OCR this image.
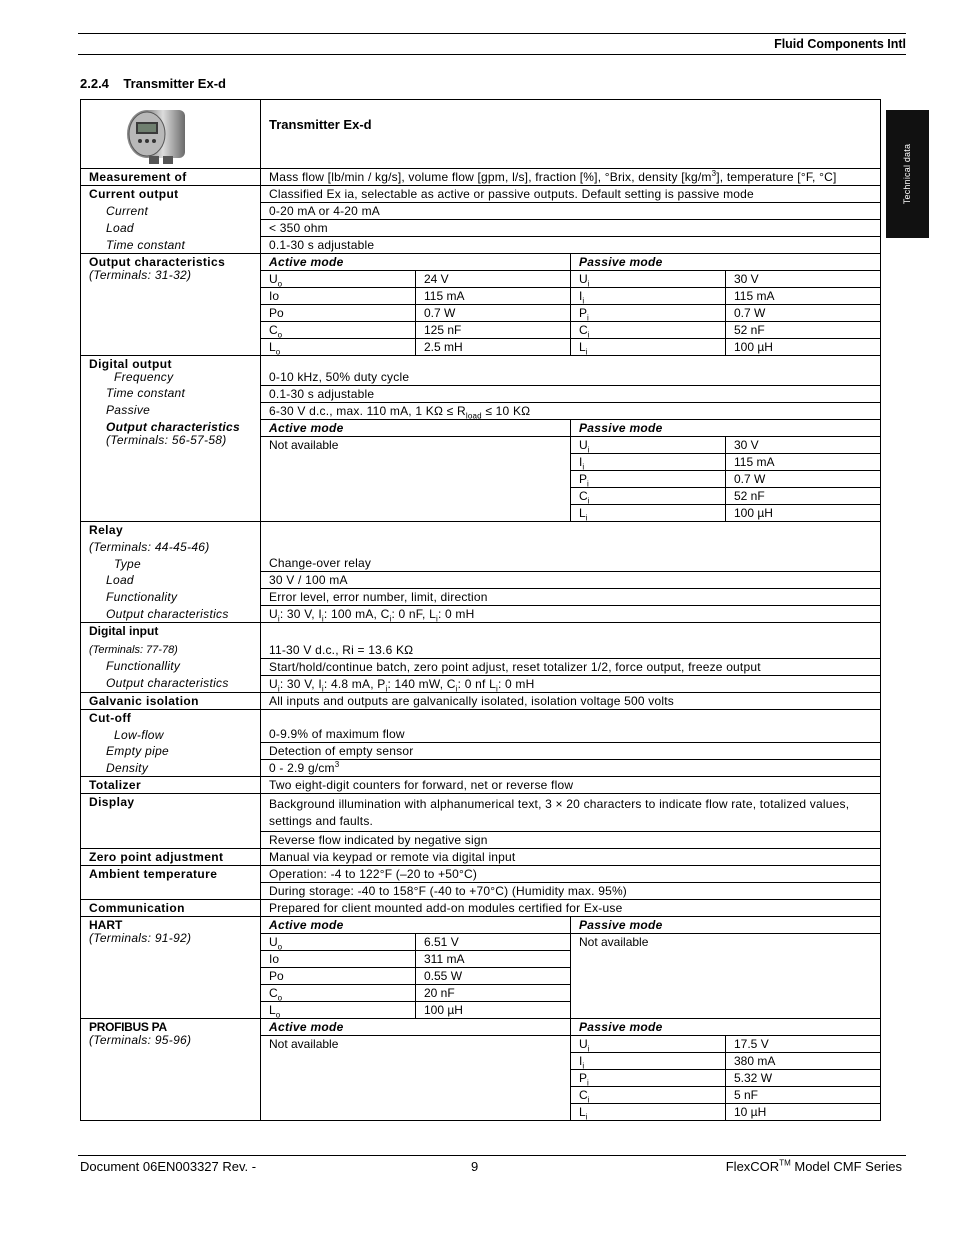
Fluid Components Intl
2.2.4 Transmitter Ex-d
Technical data
	Transmitter Ex-d			
Measurement of	Mass flow [lb/min / kg/s], volume flow [gpm, l/s], fraction [%], °Brix, density $[kg/m^3]$, temperature [°F, °C]			
Current output	Classified Ex ia, selectable as active or passive outputs. Default setting is passive mode			
Current	0-20 mA or 4-20 mA			
Load	< 350 ohm			
Time constant	0.1-30 s adjustable			

Output characteristics
(Terminals: 31-32)	Active mode		Passive mode	
	$U_o$	24 V	$U_i$	30 V
	Io	115 mA	$I_i$	115 mA
	Po	0.7 W	$P_i$	0.7 W
	$C_o$	125 nF	$C_i$	52 nF
	$L_o$	2.5 mH	$L_i$	100 µH

Digital output
Frequency	0-10 kHz, 50% duty cycle			
Time constant	0.1-30 s adjustable			
Passive	6-30 V d.c., max. 110 mA, 1 $K\Omega \le R_{load} \le 10$ KΩ			

Output characteristics
(Terminals: 56-57-58)	Active mode		Passive mode	
	Not available		$U_i$	30 V
			$I_i$	115 mA
			$P_i$	0.7 W
			$C_i$	52 nF
			$L_i$	100 µH

Relay
(Terminals: 44-45-46)
Type	Change-over relay			
Load	30 V / 100 mA			
Functionality	Error level, error number, limit, direction			
Output characteristics	$U_i$: 30 V, $I_i$: 100 mA, $C_i$: 0 nF, $L_i$: 0 mH			

Digital input
(Terminals: 77-78)	11-30 V d.c., Ri = 13.6 KΩ			
Functionallity	Start/hold/continue batch, zero point adjust, reset totalizer 1/2, force output, freeze output			
Output characteristics	$U_i$: 30 V, $I_i$: 4.8 mA, $P_i$: 140 mW, $C_i$: 0 nf $L_i$: 0 mH			
Galvanic isolation	All inputs and outputs are galvanically isolated, isolation voltage 500 volts			

Cut-off
Low-flow	0-9.9% of maximum flow			
Empty pipe	Detection of empty sensor			
Density	0 - 2.9 $g/cm^3$
Totalizer	Two eight-digit counters for forward, net or reverse flow			
Display	Background illumination with alphanumerical text, 3 × 20 characters to indicate flow rate, totalized values, settings and faults.			
	Reverse flow indicated by negative sign			
Zero point adjustment	Manual via keypad or remote via digital input			
Ambient temperature	Operation: -4 to 122°F (–20 to +50°C)			
	During storage: -40 to 158°F (-40 to +70°C) (Humidity max. 95%)			
Communication	Prepared for client mounted add-on modules certified for Ex-use			

HART
(Terminals: 91-92)	Active mode		Passive mode	
	$U_o$	6.51 V	Not available	
	Io	311 mA		
	Po	0.55 W		
	$C_o$	20 nF		
	$L_o$	100 µH		

PROFIBUS PA
(Terminals: 95-96)	Active mode		Passive mode	
	Not available		$U_i$	17.5 V
			$I_i$	380 mA
			$P_i$	5.32 W
			$C_i$	5 nF
			$L_i$	10 µH
Document 06EN003327 Rev. -	9	FlexCOR™ Model CMF Series
